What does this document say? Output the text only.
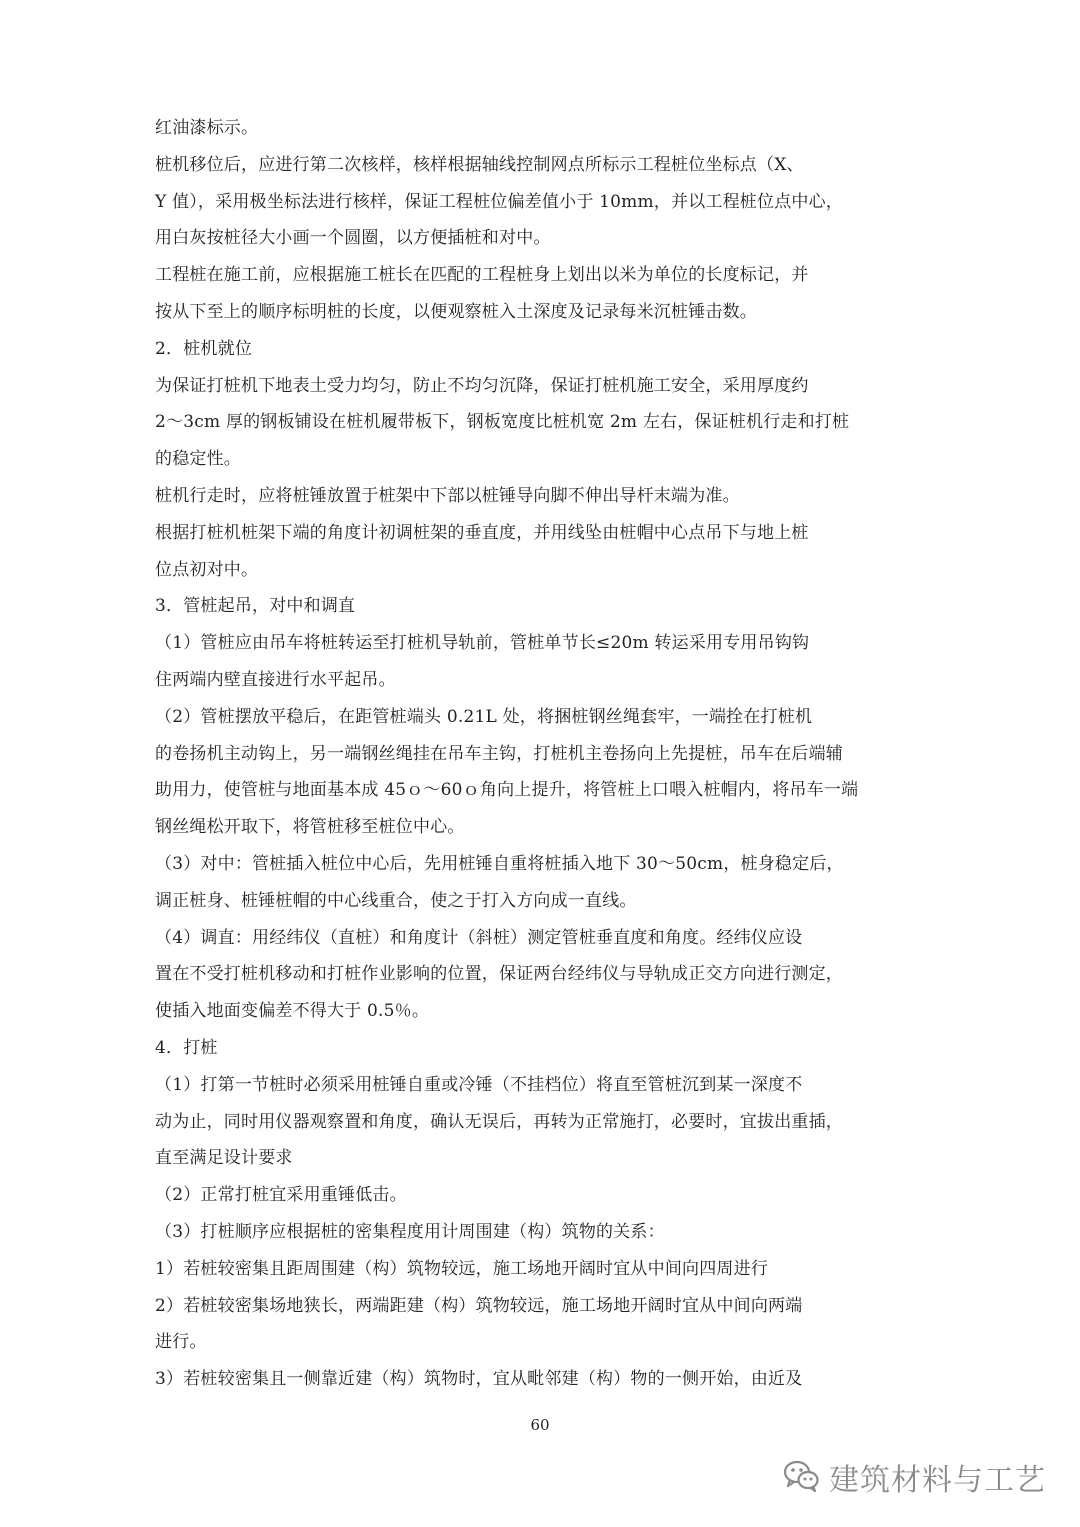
红油漆标示。
桩机移位后，应进行第二次核样，核样根据轴线控制网点所标示工程桩位坐标点（X、
Y 值），采用极坐标法进行核样，保证工程桩位偏差值小于 10mm，并以工程桩位点中心，
用白灰按桩径大小画一个圆圈，以方便插桩和对中。
工程桩在施工前，应根据施工桩长在匹配的工程桩身上划出以米为单位的长度标记，并
按从下至上的顺序标明桩的长度，以便观察桩入土深度及记录每米沉桩锤击数。
2．桩机就位
为保证打桩机下地表土受力均匀，防止不均匀沉降，保证打桩机施工安全，采用厚度约
2～3cm 厚的钢板铺设在桩机履带板下，钢板宽度比桩机宽 2m 左右，保证桩机行走和打桩
的稳定性。
桩机行走时，应将桩锤放置于桩架中下部以桩锤导向脚不伸出导杆末端为准。
根据打桩机桩架下端的角度计初调桩架的垂直度，并用线坠由桩帽中心点吊下与地上桩
位点初对中。
3．管桩起吊，对中和调直
（1）管桩应由吊车将桩转运至打桩机导轨前，管桩单节长≤20m 转运采用专用吊钩钩
住两端内壁直接进行水平起吊。
（2）管桩摆放平稳后，在距管桩端头 0.21L 处，将捆桩钢丝绳套牢，一端拴在打桩机
的卷扬机主动钩上，另一端钢丝绳挂在吊车主钩，打桩机主卷扬向上先提桩，吊车在后端辅
助用力，使管桩与地面基本成 45ｏ～60ｏ角向上提升，将管桩上口喂入桩帽内，将吊车一端
钢丝绳松开取下，将管桩移至桩位中心。
（3）对中：管桩插入桩位中心后，先用桩锤自重将桩插入地下 30～50cm，桩身稳定后，
调正桩身、桩锤桩帽的中心线重合，使之于打入方向成一直线。
（4）调直：用经纬仪（直桩）和角度计（斜桩）测定管桩垂直度和角度。经纬仪应设
置在不受打桩机移动和打桩作业影响的位置，保证两台经纬仪与导轨成正交方向进行测定，
使插入地面变偏差不得大于 0.5％。
4．打桩
（1）打第一节桩时必须采用桩锤自重或冷锤（不挂档位）将直至管桩沉到某一深度不
动为止，同时用仪器观察置和角度，确认无误后，再转为正常施打，必要时，宜拔出重插，
直至满足设计要求
（2）正常打桩宜采用重锤低击。
（3）打桩顺序应根据桩的密集程度用计周围建（构）筑物的关系：
1）若桩较密集且距周围建（构）筑物较远，施工场地开阔时宜从中间向四周进行
2）若桩较密集场地狭长，两端距建（构）筑物较远，施工场地开阔时宜从中间向两端
进行。
3）若桩较密集且一侧靠近建（构）筑物时，宜从毗邻建（构）物的一侧开始，由近及
60
建筑材料与工艺
